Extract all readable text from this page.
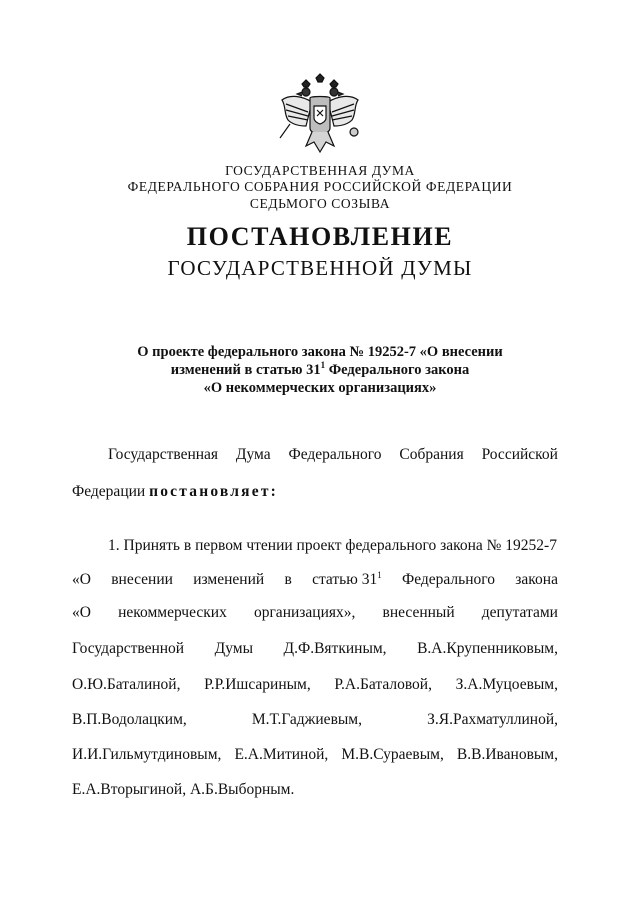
ГОСУДАРСТВЕННАЯ ДУМА
ФЕДЕРАЛЬНОГО СОБРАНИЯ РОССИЙСКОЙ ФЕДЕРАЦИИ
СЕДЬМОГО СОЗЫВА
ПОСТАНОВЛЕНИЕ
ГОСУДАРСТВЕННОЙ ДУМЫ
О проекте федерального закона № 19252-7 «О внесении
изменений в статью $31^1$ Федерального закона
«О некоммерческих организациях»
Государственная Дума Федерального Собрания Российской
Федерации постановляет:
1. Принять в первом чтении проект федерального закона № 19252-7
«О внесении изменений в статью $31^1$ Федерального закона
«О некоммерческих организациях», внесенный депутатами
Государственной Думы Д.Ф.Вяткиным, В.А.Крупенниковым,
О.Ю.Баталиной, Р.Р.Ишсариным, Р.А.Баталовой, З.А.Муцоевым,
В.П.Водолацким,	М.Т.Гаджиевым,	З.Я.Рахматуллиной,
И.И.Гильмутдиновым, Е.А.Митиной, М.В.Сураевым, В.В.Ивановым,
Е.А.Вторыгиной, А.Б.Выборным.
